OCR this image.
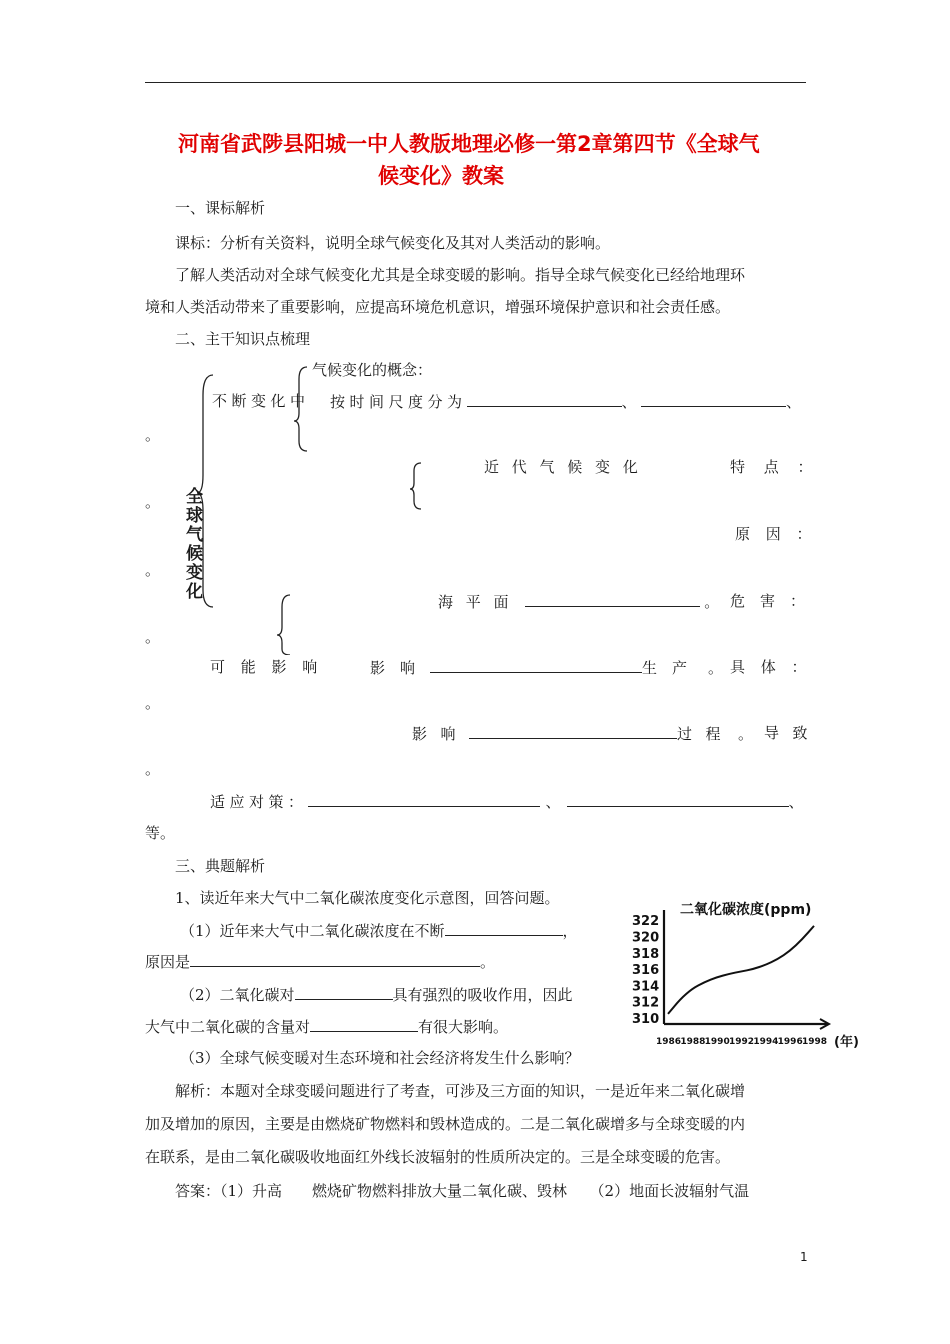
河南省武陟县阳城一中人教版地理必修一第2章第四节《全球气
候变化》教案
一、课标解析
课标：分析有关资料，说明全球气候变化及其对人类活动的影响。
了解人类活动对全球气候变化尤其是全球变暖的影响。指导全球气候变化已经给地理环
境和人类活动带来了重要影响，应提高环境危机意识，增强环境保护意识和社会责任感。
二、主干知识点梳理
全球气候变化
气候变化的概念：
不断变化中 按时间尺度分为	、	、
。
近代气候变化	特点：
。
原因：
。
海平面	。 危害：
。
可能影响 影响	生产 。 具体：
。
影响	过程 。 导致
。
适应对策：	、	、
等。
三、典题解析
1、读近年来大气中二氧化碳浓度变化示意图，回答问题。
（1）近年来大气中二氧化碳浓度在不断	，
原因是	。
（2）二氧化碳对	具有强烈的吸收作用，因此
大气中二氧化碳的含量对	有很大影响。
（3）全球气候变暖对生态环境和社会经济将发生什么影响？
二氧化碳浓度(ppm)
310
312
314
316
318
320
322
1986 1988 1990 1992 1994 1996 1998 (年)
解析：本题对全球变暖问题进行了考查，可涉及三方面的知识，一是近年来二氧化碳增
加及增加的原因，主要是由燃烧矿物燃料和毁林造成的。二是二氧化碳增多与全球变暖的内
在联系，是由二氧化碳吸收地面红外线长波辐射的性质所决定的。三是全球变暖的危害。
答案：（1）升高　　燃烧矿物燃料排放大量二氧化碳、毁林　　（2）地面长波辐射气温
1
